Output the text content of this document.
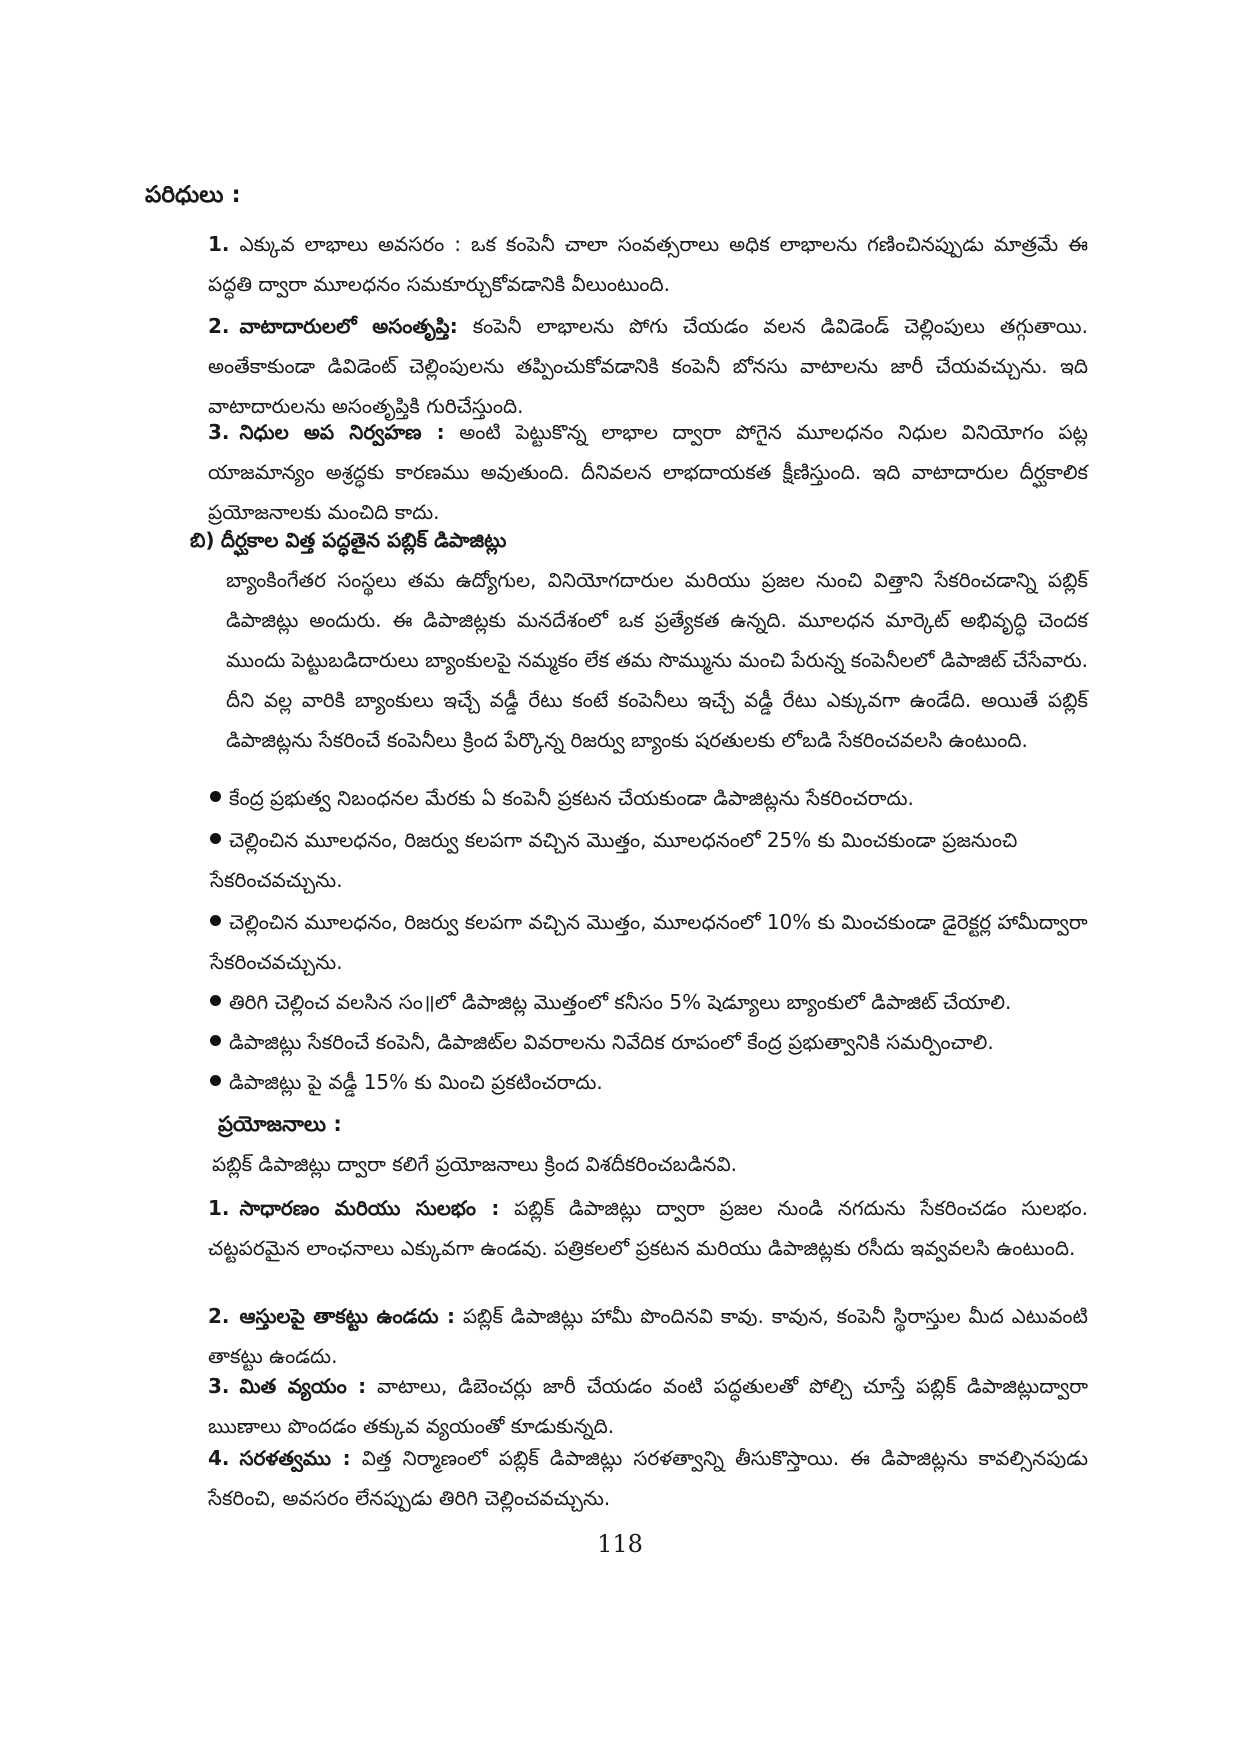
పరిధులు :
1. ఎక్కువ లాభాలు అవసరం : ఒక కంపెనీ చాలా సంవత్సరాలు అధిక లాభాలను గణించినప్పుడు మాత్రమే ఈ పద్ధతి ద్వారా మూలధనం సమకూర్చుకోవడానికి వీలుంటుంది.
2. వాటాదారులలో అసంతృప్తి: కంపెనీ లాభాలను పోగు చేయడం వలన డివిడెండ్ చెల్లింపులు తగ్గుతాయి. అంతేకాకుండా డివిడెంట్ చెల్లింపులను తప్పించుకోవడానికి కంపెనీ బోనసు వాటాలను జారీ చేయవచ్చును. ఇది వాటాదారులను అసంతృప్తికి గురిచేస్తుంది.
3. నిధుల అప నిర్వహణ : అంటి పెట్టుకొన్న లాభాల ద్వారా పోగైన మూలధనం నిధుల వినియోగం పట్ల యాజమాన్యం అశ్రద్ధకు కారణము అవుతుంది. దీనివలన లాభదాయకత క్షీణిస్తుంది. ఇది వాటాదారుల దీర్ఘకాలిక ప్రయోజనాలకు మంచిది కాదు.
బి) దీర్ఘకాల విత్త పద్ధతైన పబ్లిక్ డిపాజిట్లు
బ్యాంకింగేతర సంస్థలు తమ ఉద్యోగుల, వినియోగదారుల మరియు ప్రజల నుంచి విత్తాని సేకరించడాన్ని పబ్లిక్ డిపాజిట్లు అందురు. ఈ డిపాజిట్లకు మనదేశంలో ఒక ప్రత్యేకత ఉన్నది. మూలధన మార్కెట్ అభివృద్ధి చెందక ముందు పెట్టుబడిదారులు బ్యాంకులపై నమ్మకం లేక తమ సొమ్మును మంచి పేరున్న కంపెనీలలో డిపాజిట్ చేసేవారు. దీని వల్ల వారికి బ్యాంకులు ఇచ్చే వడ్డీ రేటు కంటే కంపెనీలు ఇచ్చే వడ్డీ రేటు ఎక్కువగా ఉండేది. అయితే పబ్లిక్ డిపాజిట్లను సేకరించే కంపెనీలు క్రింద పేర్కొన్న రిజర్వు బ్యాంకు షరతులకు లోబడి సేకరించవలసి ఉంటుంది.
కేంద్ర ప్రభుత్వ నిబంధనల మేరకు ఏ కంపెనీ ప్రకటన చేయకుండా డిపాజిట్లను సేకరించరాదు.
చెల్లించిన మూలధనం, రిజర్వు కలపగా వచ్చిన మొత్తం, మూలధనంలో 25% కు మించకుండా ప్రజనుంచి సేకరించవచ్చును.
చెల్లించిన మూలధనం, రిజర్వు కలపగా వచ్చిన మొత్తం, మూలధనంలో 10% కు మించకుండా డైరెక్టర్ల హామీద్వారా సేకరించవచ్చును.
తిరిగి చెల్లించ వలసిన సం॥లో డిపాజిట్ల మొత్తంలో కనీసం 5% షెడ్యూలు బ్యాంకులో డిపాజిట్ చేయాలి.
డిపాజిట్లు సేకరించే కంపెనీ, డిపాజిట్‌ల వివరాలను నివేదిక రూపంలో కేంద్ర ప్రభుత్వానికి సమర్పించాలి.
డిపాజిట్లు పై వడ్డీ 15% కు మించి ప్రకటించరాదు.
ప్రయోజనాలు :
పబ్లిక్ డిపాజిట్లు ద్వారా కలిగే ప్రయోజనాలు క్రింద విశదీకరించబడినవి.
1. సాధారణం మరియు సులభం : పబ్లిక్ డిపాజిట్లు ద్వారా ప్రజల నుండి నగదును సేకరించడం సులభం. చట్టపరమైన లాంఛనాలు ఎక్కువగా ఉండవు. పత్రికలలో ప్రకటన మరియు డిపాజిట్లకు రసీదు ఇవ్వవలసి ఉంటుంది.
2. ఆస్తులపై తాకట్టు ఉండదు : పబ్లిక్ డిపాజిట్లు హామీ పొందినవి కావు. కావున, కంపెనీ స్థిరాస్తుల మీద ఎటువంటి తాకట్టు ఉండదు.
3. మిత వ్యయం : వాటాలు, డిబెంచర్లు జారీ చేయడం వంటి పద్ధతులతో పోల్చి చూస్తే పబ్లిక్ డిపాజిట్లుద్వారా ఋణాలు పొందడం తక్కువ వ్యయంతో కూడుకున్నది.
4. సరళత్వము : విత్త నిర్మాణంలో పబ్లిక్ డిపాజిట్లు సరళత్వాన్ని తీసుకొస్తాయి. ఈ డిపాజిట్లను కావల్సినపుడు సేకరించి, అవసరం లేనప్పుడు తిరిగి చెల్లించవచ్చును.
118
